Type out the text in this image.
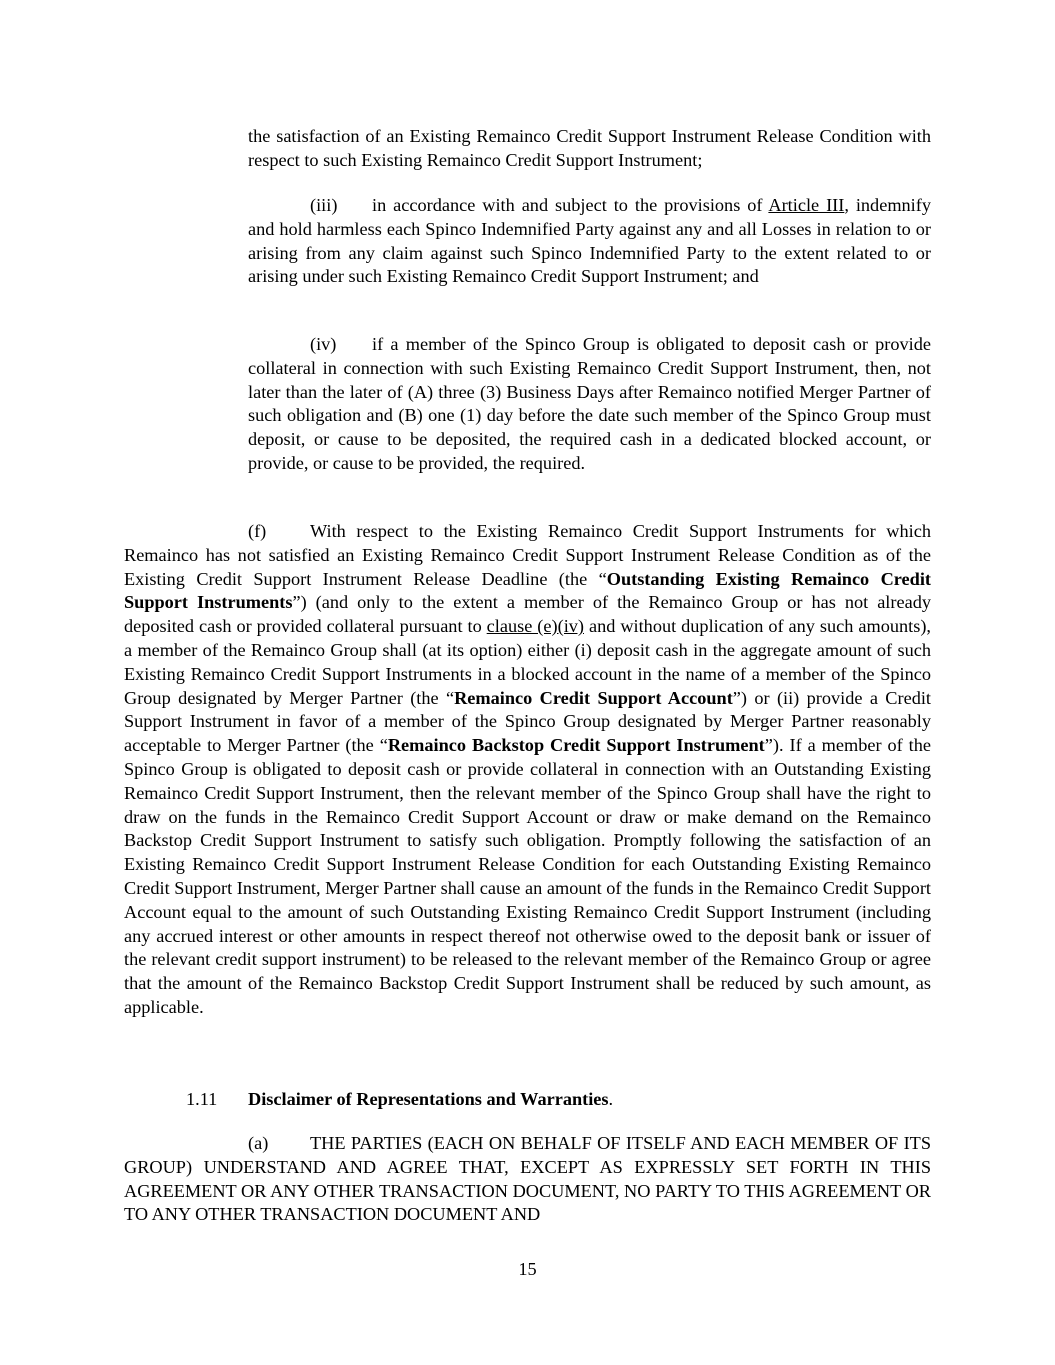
the satisfaction of an Existing Remainco Credit Support Instrument Release Condition with respect to such Existing Remainco Credit Support Instrument;

(iii) in accordance with and subject to the provisions of Article III, indemnify and hold harmless each Spinco Indemnified Party against any and all Losses in relation to or arising from any claim against such Spinco Indemnified Party to the extent related to or arising under such Existing Remainco Credit Support Instrument; and

(iv) if a member of the Spinco Group is obligated to deposit cash or provide collateral in connection with such Existing Remainco Credit Support Instrument, then, not later than the later of (A) three (3) Business Days after Remainco notified Merger Partner of such obligation and (B) one (1) day before the date such member of the Spinco Group must deposit, or cause to be deposited, the required cash in a dedicated blocked account, or provide, or cause to be provided, the required.

(f) With respect to the Existing Remainco Credit Support Instruments for which Remainco has not satisfied an Existing Remainco Credit Support Instrument Release Condition as of the Existing Credit Support Instrument Release Deadline (the “Outstanding Existing Remainco Credit Support Instruments”) (and only to the extent a member of the Remainco Group or has not already deposited cash or provided collateral pursuant to clause (e)(iv) and without duplication of any such amounts), a member of the Remainco Group shall (at its option) either (i) deposit cash in the aggregate amount of such Existing Remainco Credit Support Instruments in a blocked account in the name of a member of the Spinco Group designated by Merger Partner (the “Remainco Credit Support Account”) or (ii) provide a Credit Support Instrument in favor of a member of the Spinco Group designated by Merger Partner reasonably acceptable to Merger Partner (the “Remainco Backstop Credit Support Instrument”). If a member of the Spinco Group is obligated to deposit cash or provide collateral in connection with an Outstanding Existing Remainco Credit Support Instrument, then the relevant member of the Spinco Group shall have the right to draw on the funds in the Remainco Credit Support Account or draw or make demand on the Remainco Backstop Credit Support Instrument to satisfy such obligation. Promptly following the satisfaction of an Existing Remainco Credit Support Instrument Release Condition for each Outstanding Existing Remainco Credit Support Instrument, Merger Partner shall cause an amount of the funds in the Remainco Credit Support Account equal to the amount of such Outstanding Existing Remainco Credit Support Instrument (including any accrued interest or other amounts in respect thereof not otherwise owed to the deposit bank or issuer of the relevant credit support instrument) to be released to the relevant member of the Remainco Group or agree that the amount of the Remainco Backstop Credit Support Instrument shall be reduced by such amount, as applicable.

1.11 Disclaimer of Representations and Warranties.

(a) THE PARTIES (EACH ON BEHALF OF ITSELF AND EACH MEMBER OF ITS GROUP) UNDERSTAND AND AGREE THAT, EXCEPT AS EXPRESSLY SET FORTH IN THIS AGREEMENT OR ANY OTHER TRANSACTION DOCUMENT, NO PARTY TO THIS AGREEMENT OR TO ANY OTHER TRANSACTION DOCUMENT AND

15
